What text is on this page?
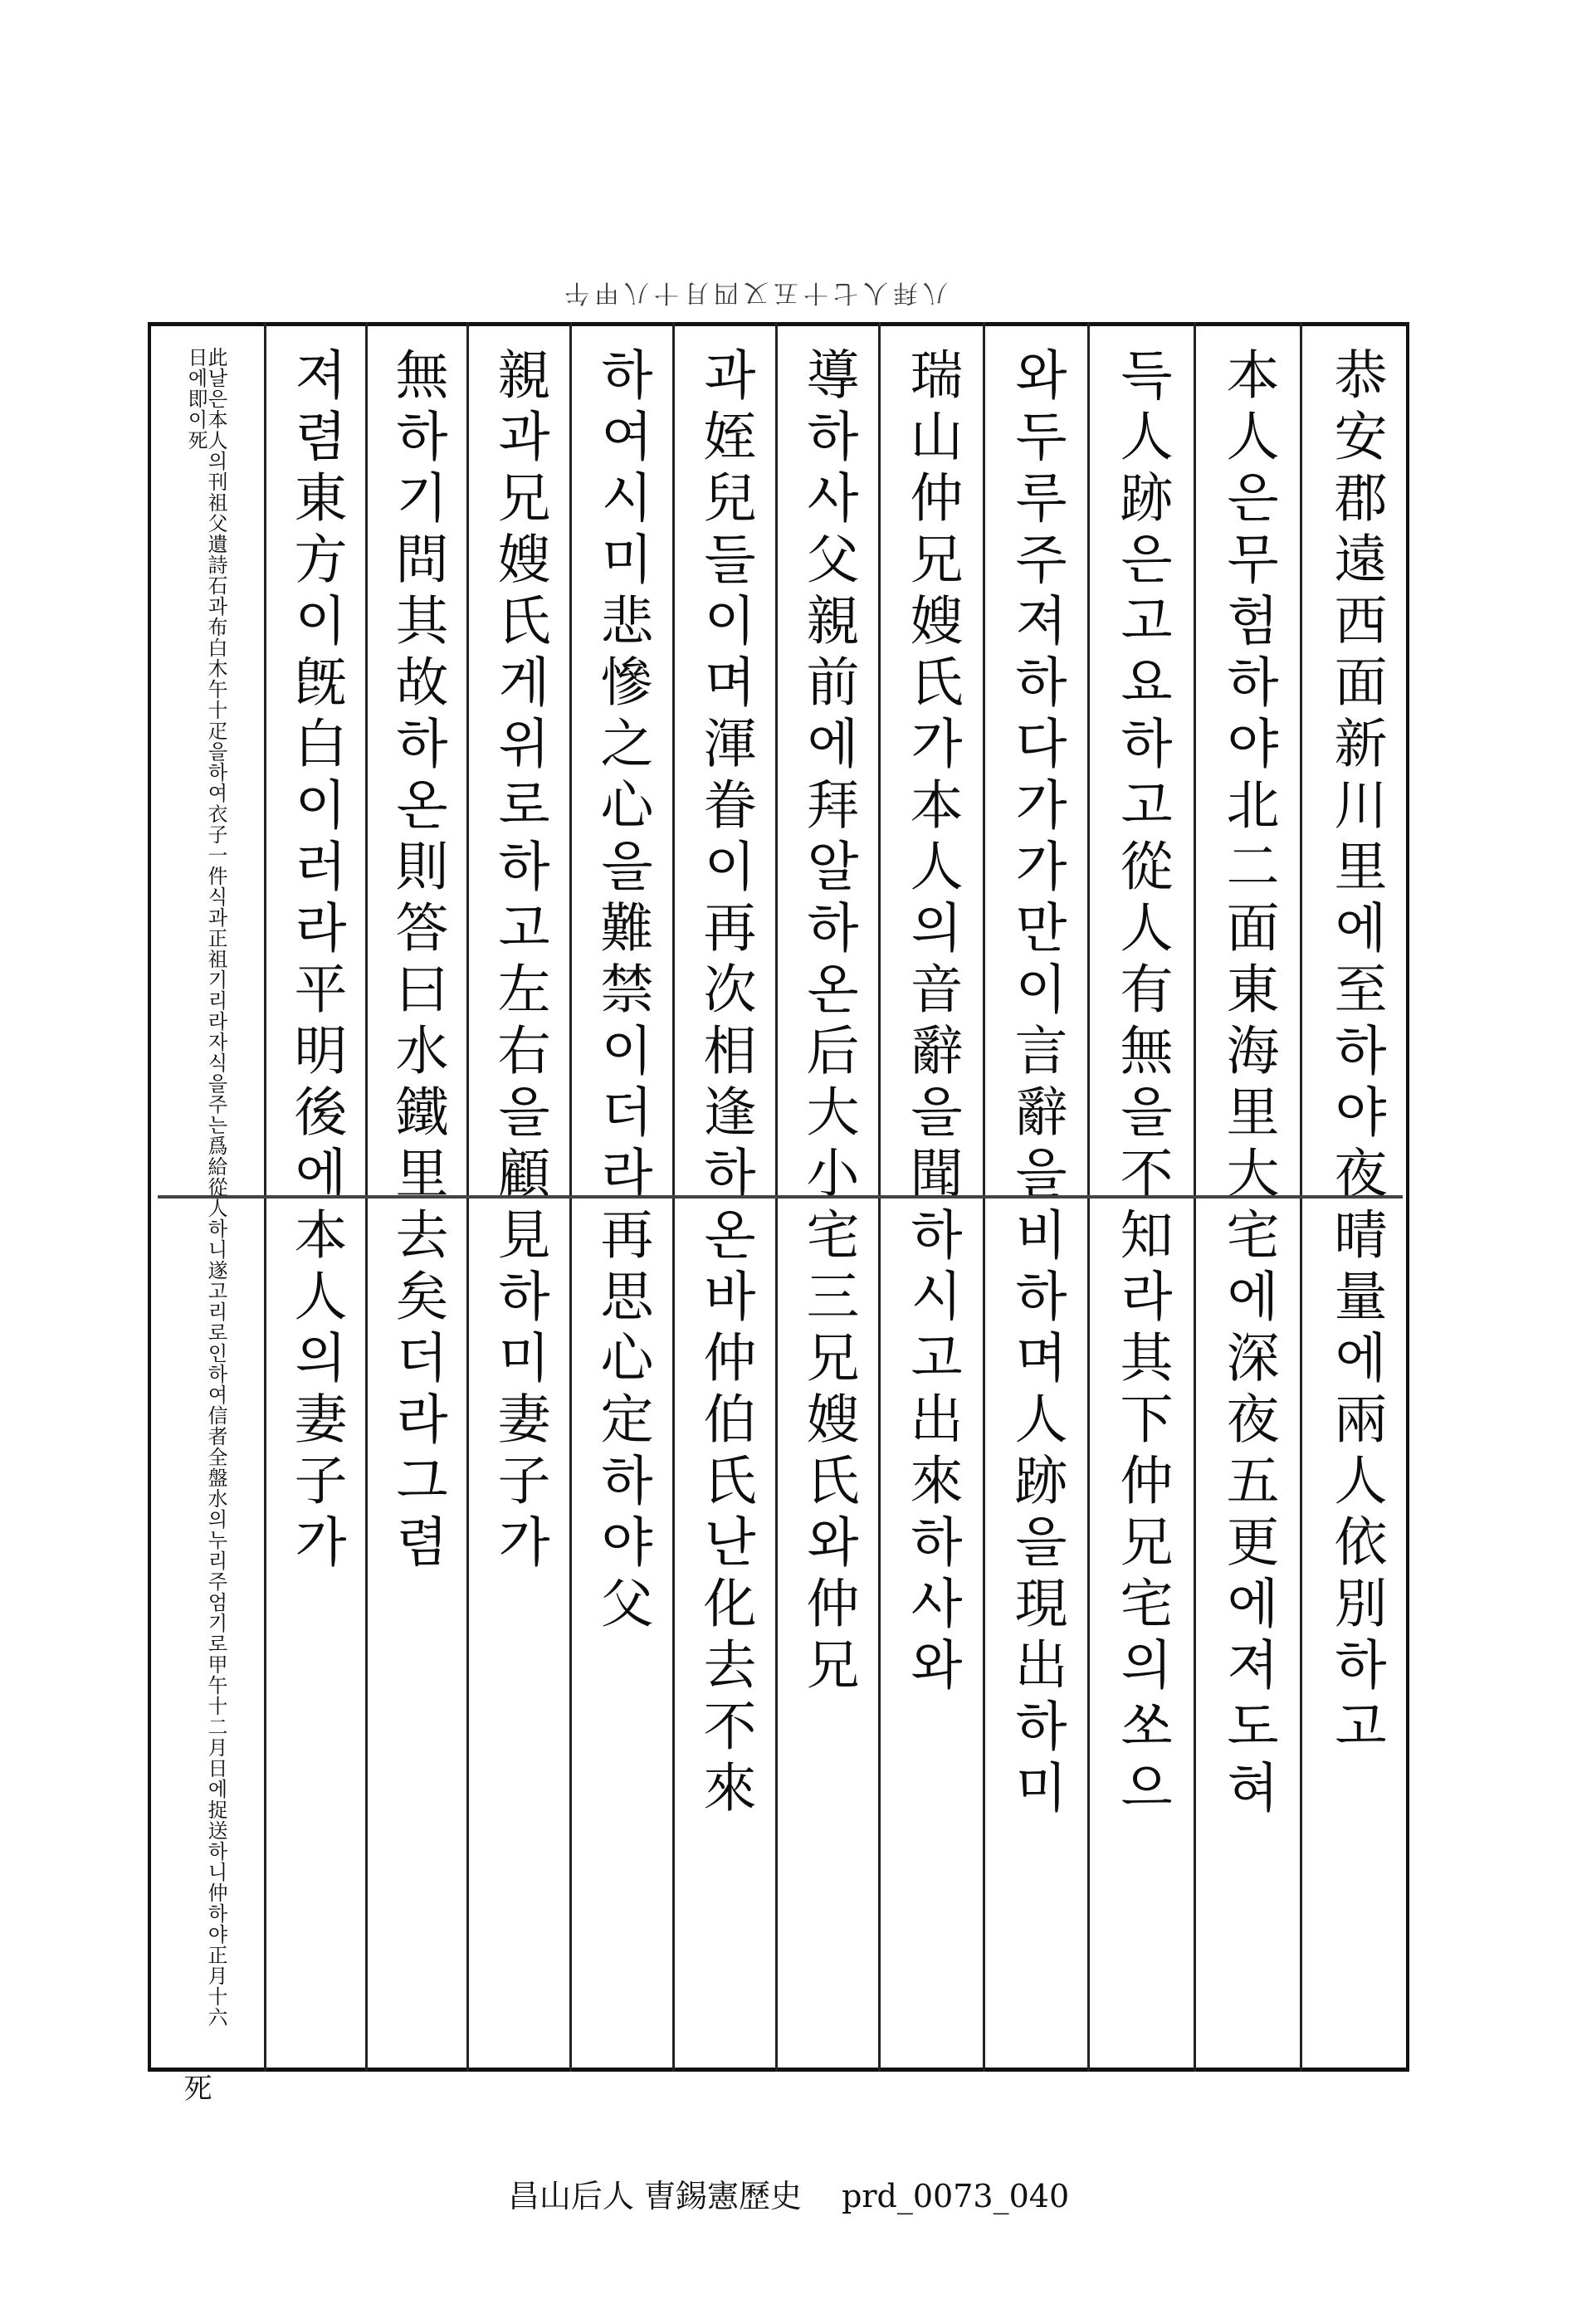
八拜人七十五又四月十八甲午
恭安郡遠西面新川里에至하야夜晴量에兩人依別하고
本人은무험하야北二面東海里大宅에深夜五更에져도혀
득人跡은고요하고從人有無을不知라其下仲兄宅의쏘으
와두루주져하다가가만이言辭을비하며人跡을現出하미
瑞山仲兄嫂氏가本人의音辭을聞하시고出來하사와
導하사父親前에拜알하온后大小宅三兄嫂氏와仲兄
과姪兒들이며渾眷이再次相逢하온바仲伯氏난化去不來
하여시미悲慘之心을難禁이더라再思心定하야父
親과兄嫂氏게위로하고左右을顧見하미妻子가
無하기問其故하온則答曰水鐵里去矣더라그렴
져렴東方이旣白이러라平明後에本人의妻子가
此날은本人의刊祖父遺詩石과布白木午十疋을하여衣子一件식과正祖기리라자식을주는爲給從人하니遂고리로인하여信者全盤水의누리주엄기로甲午十二月日에捉送하니仲하야正月十六日에即이死
死
昌山后人 曺錫憲歷史 prd_0073_040
